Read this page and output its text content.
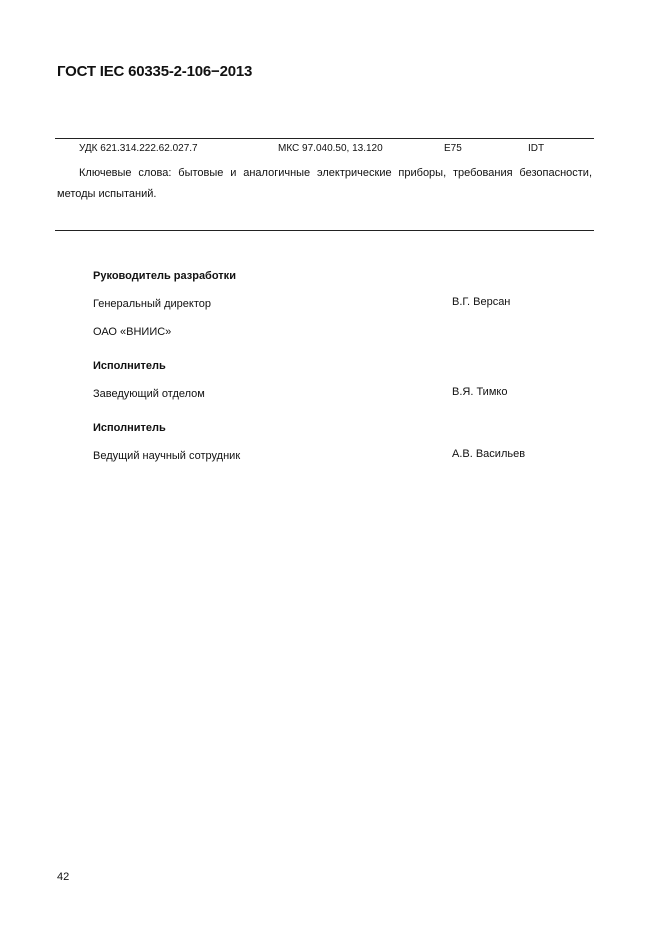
ГОСТ IEC 60335-2-106−2013
УДК 621.314.222.62.027.7	МКС 97.040.50, 13.120	Е75	IDT
Ключевые слова: бытовые и аналогичные электрические приборы, требования безопасности, методы испытаний.
Руководитель разработки
Генеральный директор	В.Г. Версан
ОАО «ВНИИС»
Исполнитель
Заведующий отделом	В.Я. Тимко
Исполнитель
Ведущий научный сотрудник	А.В. Васильев
42
